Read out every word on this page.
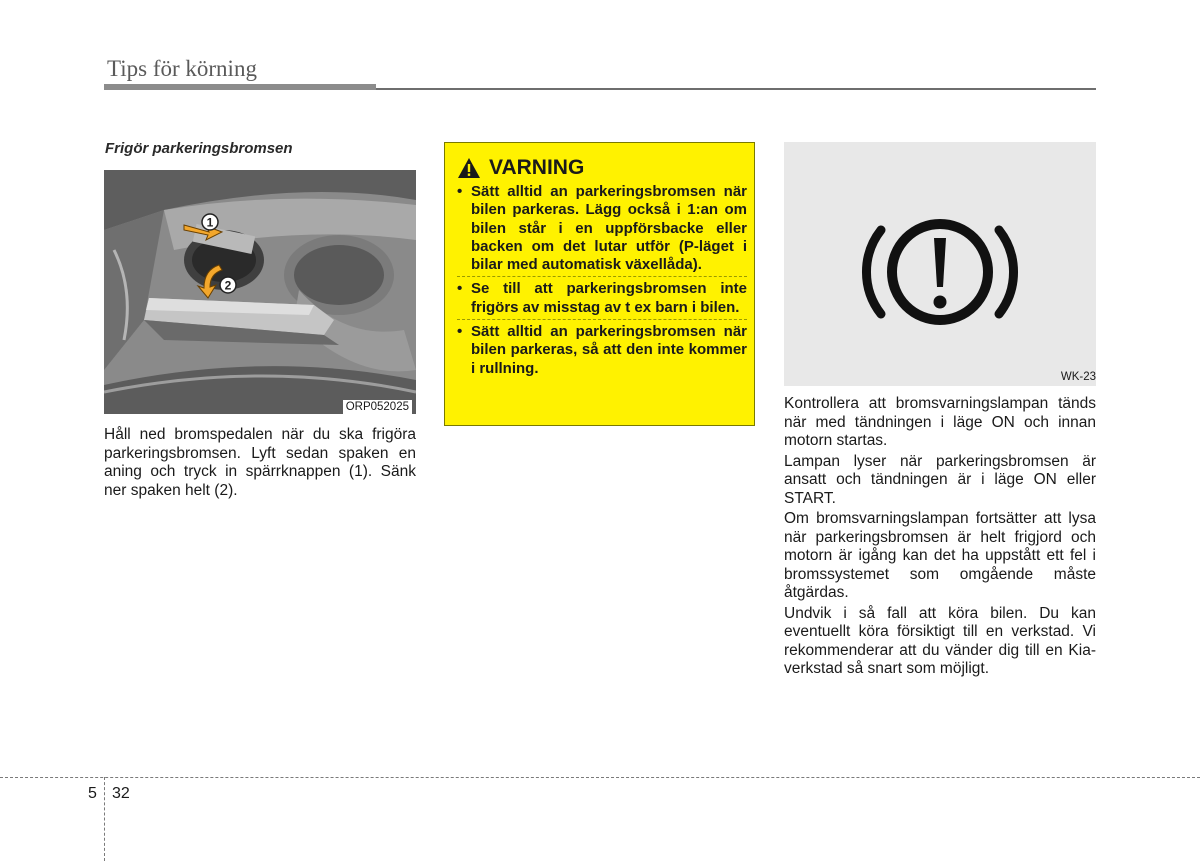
Tips för körning
Frigör parkeringsbromsen
1
2
ORP052025

Håll ned bromspedalen när du ska frigöra parkeringsbromsen. Lyft sedan spaken en aning och tryck in spärrknappen (1). Sänk ner spaken helt (2).

VARNING
• Sätt alltid an parkeringsbromsen när bilen parkeras. Lägg också i 1:an om bilen står i en uppförsbacke eller backen om det lutar utför (P-läget i bilar med automatisk växellåda).
• Se till att parkeringsbromsen inte frigörs av misstag av t ex barn i bilen.
• Sätt alltid an parkeringsbromsen när bilen parkeras, så att den inte kommer i rullning.
WK-23

Kontrollera att bromsvarningslampan tänds när med tändningen i läge ON och innan motorn startas.

Lampan lyser när parkeringsbromsen är ansatt och tändningen är i läge ON eller START.

Om bromsvarningslampan fortsätter att lysa när parkeringsbromsen är helt frigjord och motorn är igång kan det ha uppstått ett fel i bromssystemet som omgående måste åtgärdas.

Undvik i så fall att köra bilen. Du kan eventuellt köra försiktigt till en verkstad. Vi rekommenderar att du vänder dig till en Kia-verkstad så snart som möjligt.

5 32
